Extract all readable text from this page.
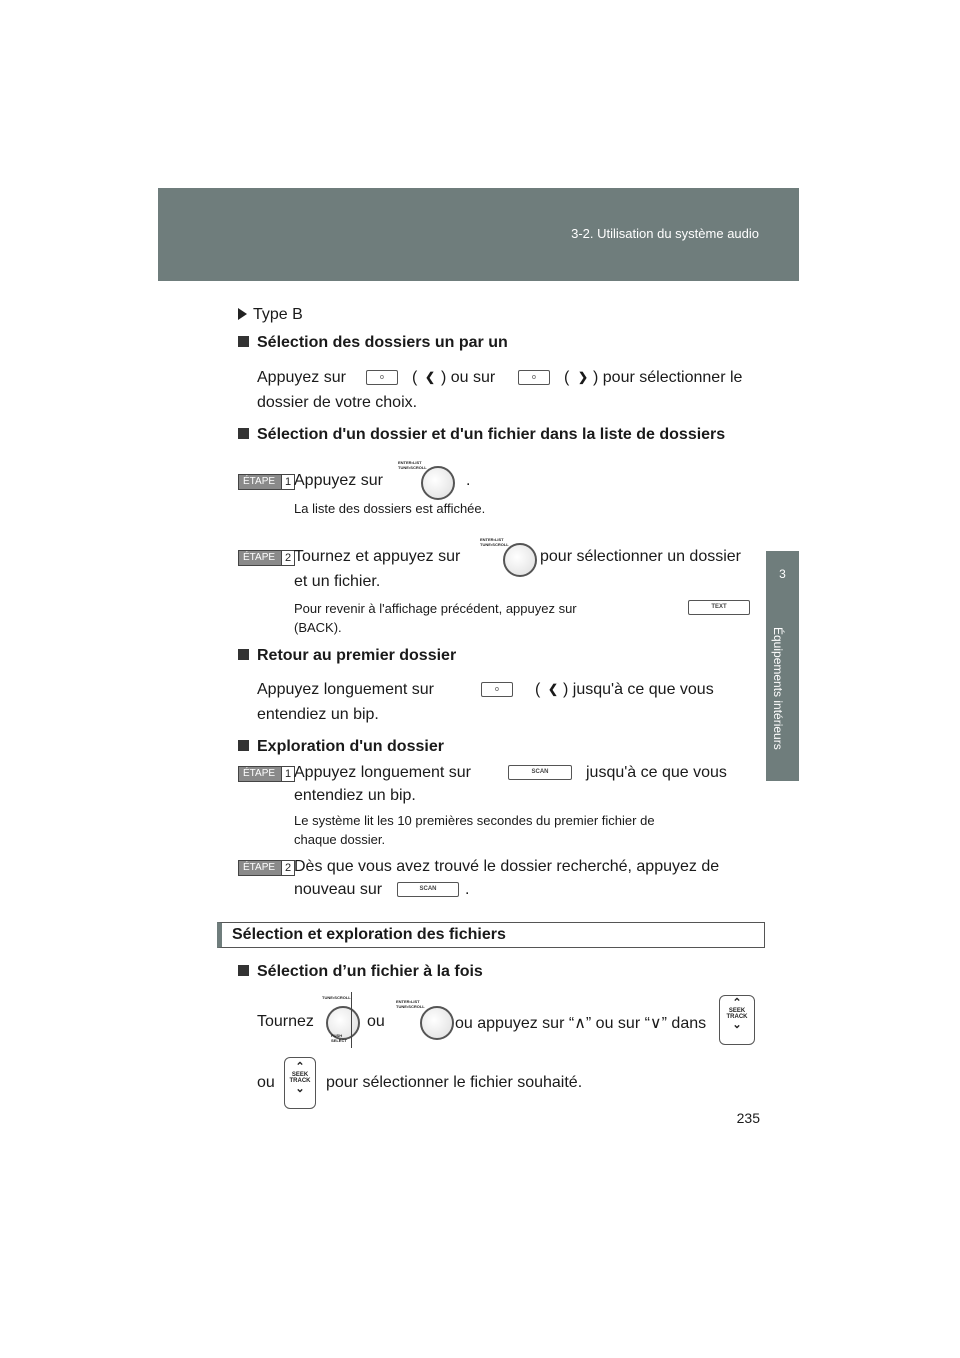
3-2. Utilisation du système audio
3
Équipements intérieurs
Type B
Sélection des dossiers un par un
Appuyez sur o	( ❮ ) ou sur o	( ❯ ) pour sélectionner le
dossier de votre choix.
Sélection d'un dossier et d'un fichier dans la liste de dossiers
ÉTAPE 1 Appuyez sur
ENTER•LIST
TUNE•SCROLL
.
La liste des dossiers est affichée.
ÉTAPE 2 Tournez et appuyez sur
ENTER•LIST
TUNE•SCROLL
pour sélectionner un dossier
et un fichier.
Pour revenir à l'affichage précédent, appuyez sur	TEXT
(BACK).
Retour au premier dossier
Appuyez longuement sur o	( ❮ ) jusqu'à ce que vous
entendiez un bip.
Exploration d'un dossier
ÉTAPE 1 Appuyez longuement sur	SCAN	jusqu'à ce que vous
entendiez un bip.
Le système lit les 10 premières secondes du premier fichier de
chaque dossier.
ÉTAPE 2 Dès que vous avez trouvé le dossier recherché, appuyez de
nouveau sur	SCAN	.
Sélection et exploration des fichiers
Sélection d’un fichier à la fois
Tournez
TUNE•SCROLL
PUSH
SELECT
ou
ENTER•LIST
TUNE•SCROLL
ou appuyez sur “∧” ou sur “∨” dans
⌃
SEEK
TRACK
⌄
ou
⌃
SEEK
TRACK
⌄	pour sélectionner le fichier souhaité.
235
